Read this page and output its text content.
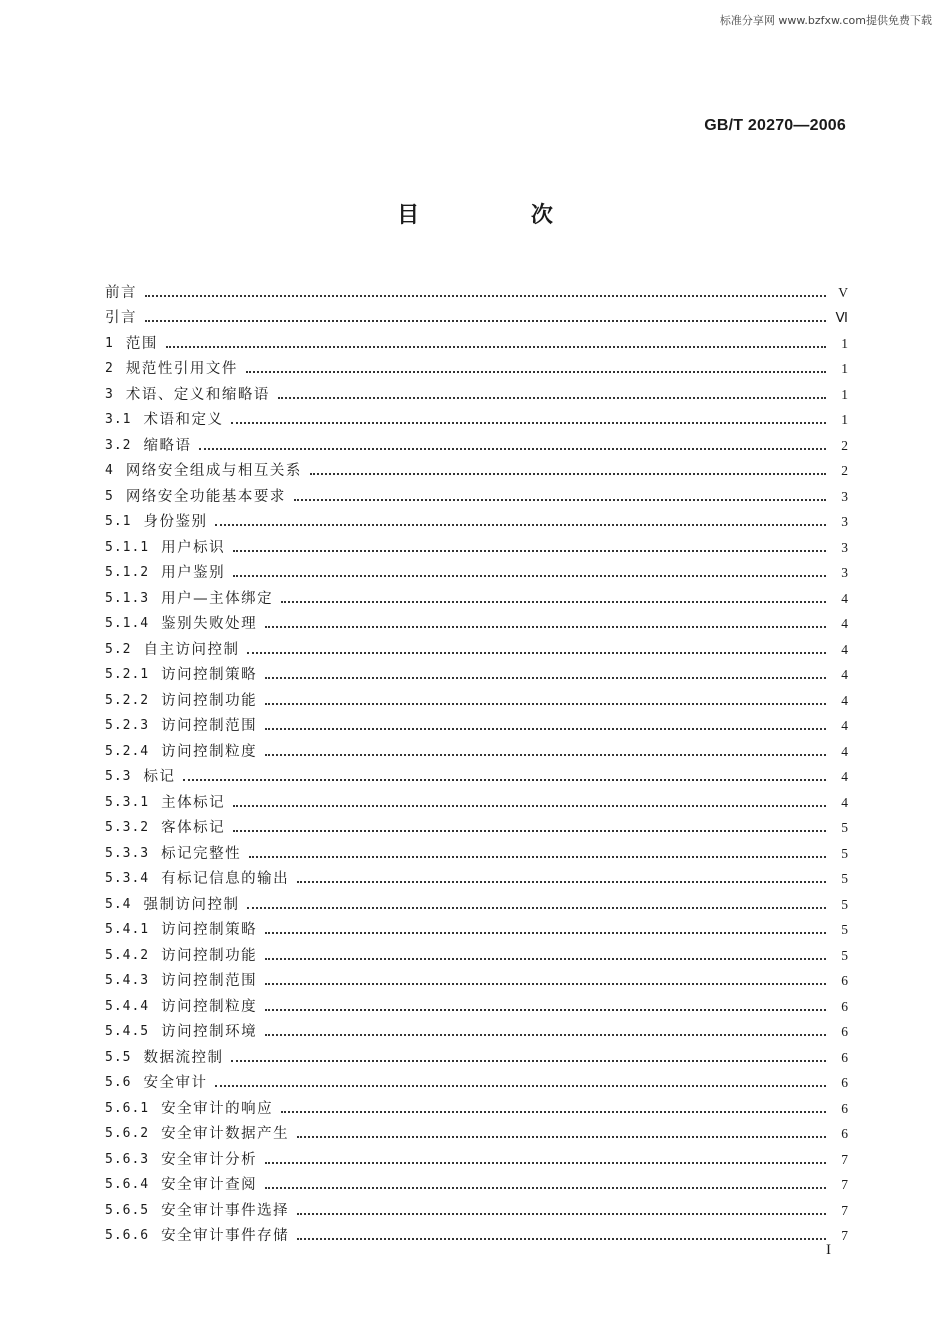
标准分享网 www.bzfxw.com提供免费下载
GB/T 20270—2006
目 次
前言	V
引言	Ⅵ
1 范围	1
2 规范性引用文件	1
3 术语、定义和缩略语	1
3.1 术语和定义	1
3.2 缩略语	2
4 网络安全组成与相互关系	2
5 网络安全功能基本要求	3
5.1 身份鉴别	3
5.1.1 用户标识	3
5.1.2 用户鉴别	3
5.1.3 用户—主体绑定	4
5.1.4 鉴别失败处理	4
5.2 自主访问控制	4
5.2.1 访问控制策略	4
5.2.2 访问控制功能	4
5.2.3 访问控制范围	4
5.2.4 访问控制粒度	4
5.3 标记	4
5.3.1 主体标记	4
5.3.2 客体标记	5
5.3.3 标记完整性	5
5.3.4 有标记信息的输出	5
5.4 强制访问控制	5
5.4.1 访问控制策略	5
5.4.2 访问控制功能	5
5.4.3 访问控制范围	6
5.4.4 访问控制粒度	6
5.4.5 访问控制环境	6
5.5 数据流控制	6
5.6 安全审计	6
5.6.1 安全审计的响应	6
5.6.2 安全审计数据产生	6
5.6.3 安全审计分析	7
5.6.4 安全审计查阅	7
5.6.5 安全审计事件选择	7
5.6.6 安全审计事件存储	7
I
